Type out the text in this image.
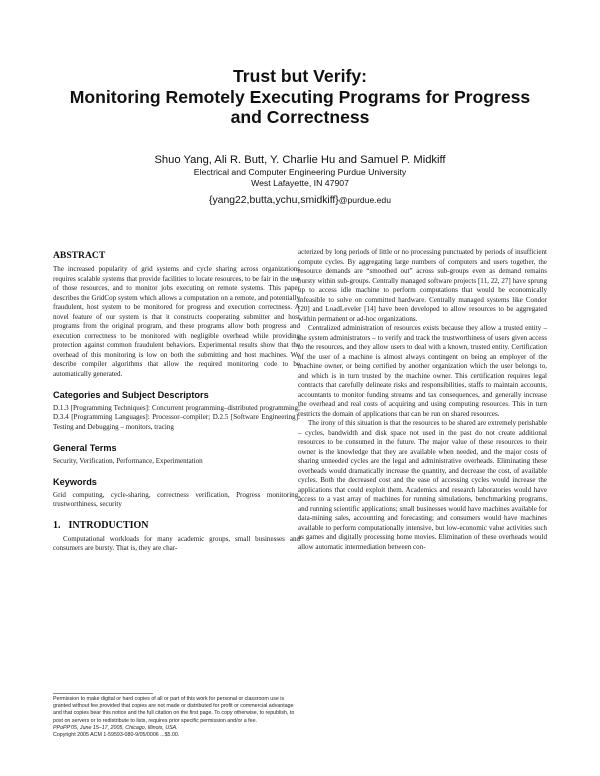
Trust but Verify:
Monitoring Remotely Executing Programs for Progress
and Correctness
Shuo Yang, Ali R. Butt, Y. Charlie Hu and Samuel P. Midkiff
Electrical and Computer Engineering Purdue University
West Lafayette, IN 47907
{yang22,butta,ychu,smidkiff}@purdue.edu
ABSTRACT
The increased popularity of grid systems and cycle sharing across organizations requires scalable systems that provide facilities to locate resources, to be fair in the use of those resources, and to monitor jobs executing on remote systems. This paper describes the GridCop system which allows a computation on a remote, and potentially fraudulent, host system to be monitored for progress and execution correctness. A novel feature of our system is that it constructs cooperating submitter and host programs from the original program, and these programs allow both progress and execution correctness to be monitored with negligible overhead while providing protection against common fraudulent behaviors. Experimental results show that the overhead of this monitoring is low on both the submitting and host machines. We describe compiler algorithms that allow the required monitoring code to be automatically generated.
Categories and Subject Descriptors
D.1.3 [Programming Techniques]: Concurrent programming–distributed programming; D.3.4 [Programming Languages]: Processor–compiler; D.2.5 [Software Engineering]: Testing and Debugging – monitors, tracing
General Terms
Security, Verification, Performance, Experimentation
Keywords
Grid computing, cycle-sharing, correctness verification, Progress monitoring, trustworthiness, security
1. INTRODUCTION
Computational workloads for many academic groups, small businesses and consumers are bursty. That is, they are char-
Permission to make digital or hard copies of all or part of this work for personal or classroom use is granted without fee provided that copies are not made or distributed for profit or commercial advantage and that copies bear this notice and the full citation on the first page. To copy otherwise, to republish, to post on servers or to redistribute to lists, requires prior specific permission and/or a fee.
PPoPP'05, June 15–17, 2005, Chicago, Illinois, USA.
Copyright 2005 ACM 1-59593-080-9/05/0006 ...$5.00.
acterized by long periods of little or no processing punctuated by periods of insufficient compute cycles. By aggregating large numbers of computers and users together, the resource demands are “smoothed out” across sub-groups even as demand remains bursty within sub-groups. Centrally managed software projects [11, 22, 27] have sprung up to access idle machine to perform computations that would be economically infeasible to solve on committed hardware. Centrally managed systems like Condor [20] and LoadLeveler [14] have been developed to allow resources to be aggregated within permanent or ad-hoc organizations.
Centralized administration of resources exists because they allow a trusted entity – the system administrators – to verify and track the trustworthiness of users given access to the resources, and they allow users to deal with a known, trusted entity. Certification of the user of a machine is almost always contingent on being an employer of the machine owner, or being certified by another organization which the user belongs to, and which is in turn trusted by the machine owner. This certification requires legal contracts that carefully delineate risks and responsibilities, staffs to maintain accounts, accountants to monitor funding streams and tax consequences, and generally increase the overhead and real costs of acquiring and using computing resources. This in turn restricts the domain of applications that can be run on shared resources.
The irony of this situation is that the resources to be shared are extremely perishable – cycles, bandwidth and disk space not used in the past do not create additional resources to be consumed in the future. The major value of these resources to their owner is the knowledge that they are available when needed, and the major costs of sharing unneeded cycles are the legal and administrative overheads. Eliminating these overheads would dramatically increase the quantity, and decrease the cost, of available cycles. Both the decreased cost and the ease of accessing cycles would increase the applications that could exploit them. Academics and research laboratories would have access to a vast array of machines for running simulations, benchmarking programs, and running scientific applications; small businesses would have machines available for data-mining sales, accounting and forecasting; and consumers would have machines available to perform computationally intensive, but low-economic value activities such as games and digitally processing home movies. Elimination of these overheads would allow automatic intermediation between con-
